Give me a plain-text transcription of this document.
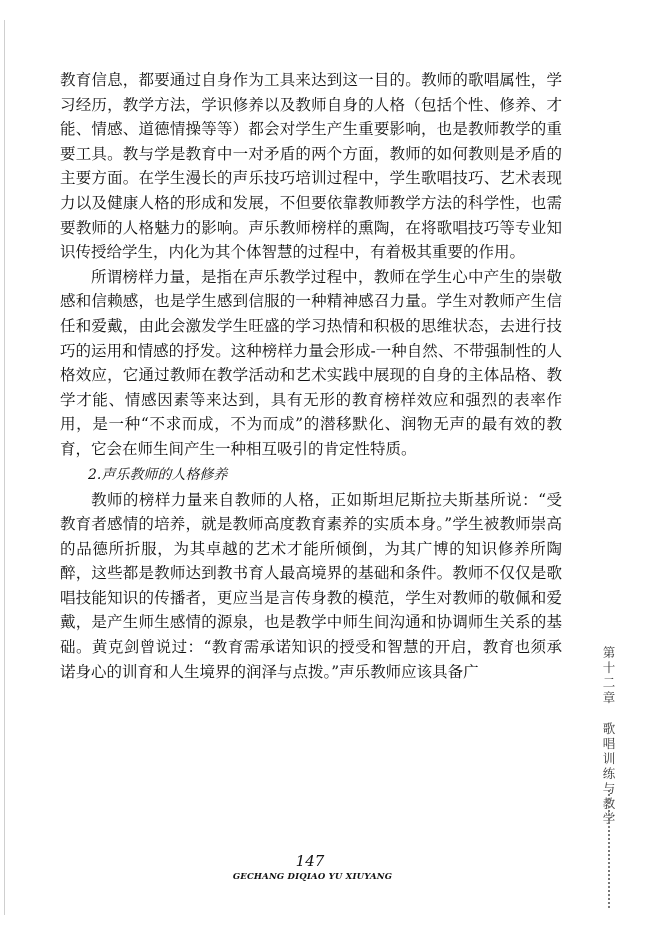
教育信息，都要通过自身作为工具来达到这一目的。教师的歌唱属性，学习经历，教学方法，学识修养以及教师自身的人格（包括个性、修养、才能、情感、道德情操等等）都会对学生产生重要影响，也是教师教学的重要工具。教与学是教育中一对矛盾的两个方面，教师的如何教则是矛盾的主要方面。在学生漫长的声乐技巧培训过程中，学生歌唱技巧、艺术表现力以及健康人格的形成和发展，不但要依靠教师教学方法的科学性，也需要教师的人格魅力的影响。声乐教师榜样的熏陶，在将歌唱技巧等专业知识传授给学生，内化为其个体智慧的过程中，有着极其重要的作用。

所谓榜样力量，是指在声乐教学过程中，教师在学生心中产生的崇敬感和信赖感，也是学生感到信服的一种精神感召力量。学生对教师产生信任和爱戴，由此会激发学生旺盛的学习热情和积极的思维状态，去进行技巧的运用和情感的抒发。这种榜样力量会形成-一种自然、不带强制性的人格效应，它通过教师在教学活动和艺术实践中展现的自身的主体品格、教学才能、情感因素等来达到，具有无形的教育榜样效应和强烈的表率作用，是一种“不求而成，不为而成”的潜移默化、润物无声的最有效的教育，它会在师生间产生一种相互吸引的肯定性特质。

2.声乐教师的人格修养

教师的榜样力量来自教师的人格，正如斯坦尼斯拉夫斯基所说：“受教育者感情的培养，就是教师高度教育素养的实质本身。”学生被教师崇高的品德所折服，为其卓越的艺术才能所倾倒，为其广博的知识修养所陶醉，这些都是教师达到教书育人最高境界的基础和条件。教师不仅仅是歌唱技能知识的传播者，更应当是言传身教的模范，学生对教师的敬佩和爱戴，是产生师生感情的源泉，也是教学中师生间沟通和协调师生关系的基础。黄克剑曾说过：“教育需承诺知识的授受和智慧的开启，教育也须承诺身心的训育和人生境界的润泽与点拨。”声乐教师应该具备广

第十二章
歌唱训练与教学
147
GECHANG DIQIAO YU XIUYANG
